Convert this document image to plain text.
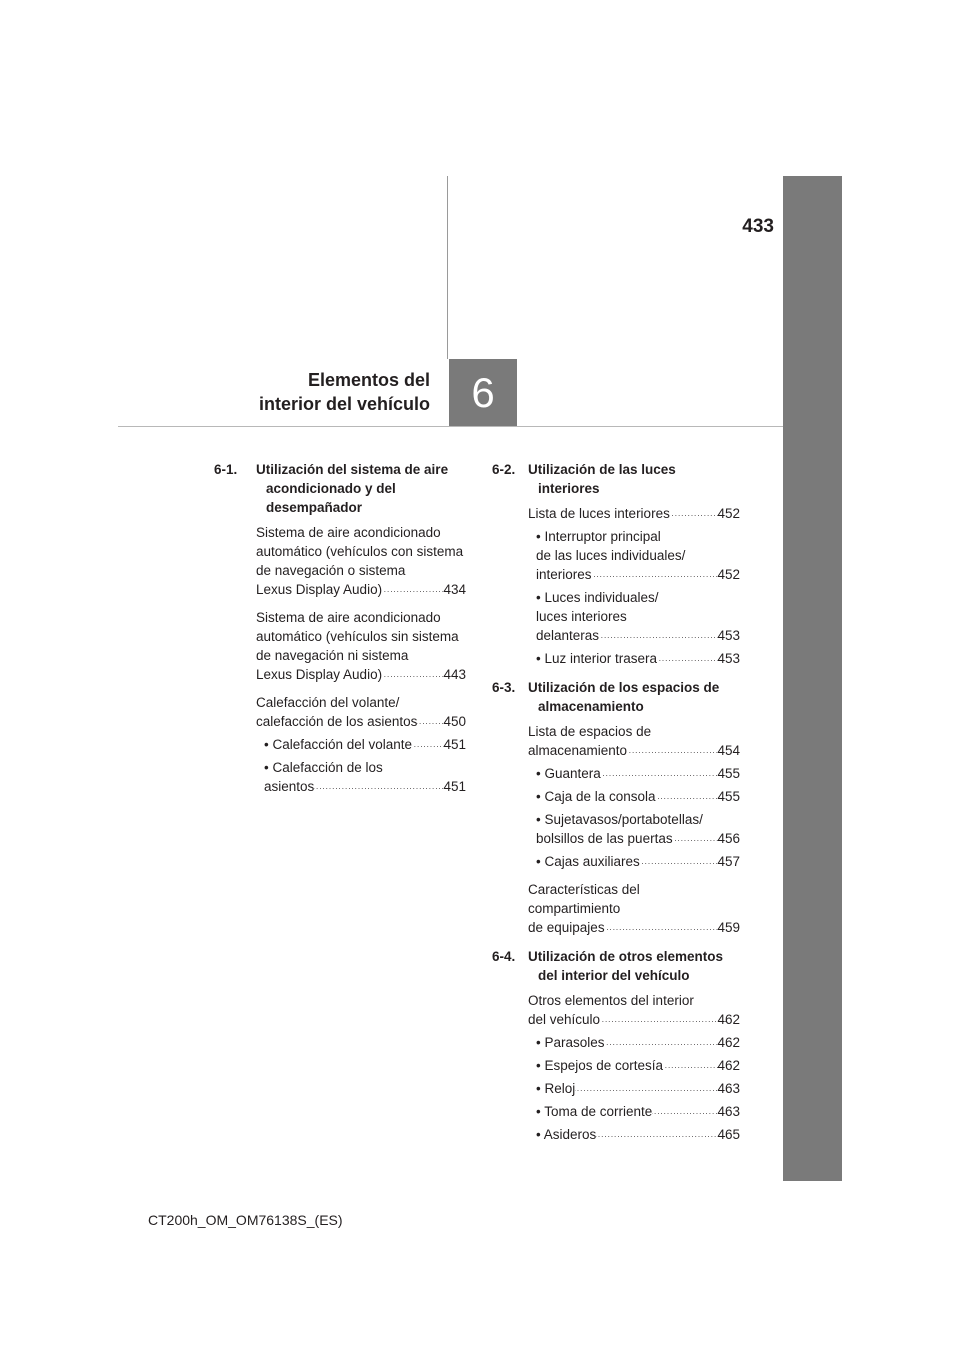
433
Elementos del
interior del vehículo 6
6-1.	Utilización del sistema de aire acondicionado y del desempañador
Sistema de aire acondicionado
automático (vehículos con sistema
de navegación o sistema
Lexus Display Audio) .....	434
Sistema de aire acondicionado
automático (vehículos sin sistema
de navegación ni sistema
Lexus Display Audio) .....	443
Calefacción del volante/
calefacción de los asientos ..... 450
• Calefacción del volante ..... 451
• Calefacción de los
asientos .....	451
6-2. Utilización de las luces interiores
Lista de luces interiores .....	452
• Interruptor principal
de las luces individuales/
interiores .....	452
• Luces individuales/
luces interiores
delanteras .....	453
• Luz interior trasera .....	453
6-3. Utilización de los espacios de almacenamiento
Lista de espacios de
almacenamiento .....	454
• Guantera .....	455
• Caja de la consola .....	455
• Sujetavasos/portabotellas/
bolsillos de las puertas .....	456
• Cajas auxiliares .....	457
Características del
compartimiento
de equipajes .....	459
6-4. Utilización de otros elementos del interior del vehículo
Otros elementos del interior
del vehículo .....	462
• Parasoles .....	462
• Espejos de cortesía .....	462
• Reloj .....	463
• Toma de corriente .....	463
• Asideros .....	465
CT200h_OM_OM76138S_(ES)
